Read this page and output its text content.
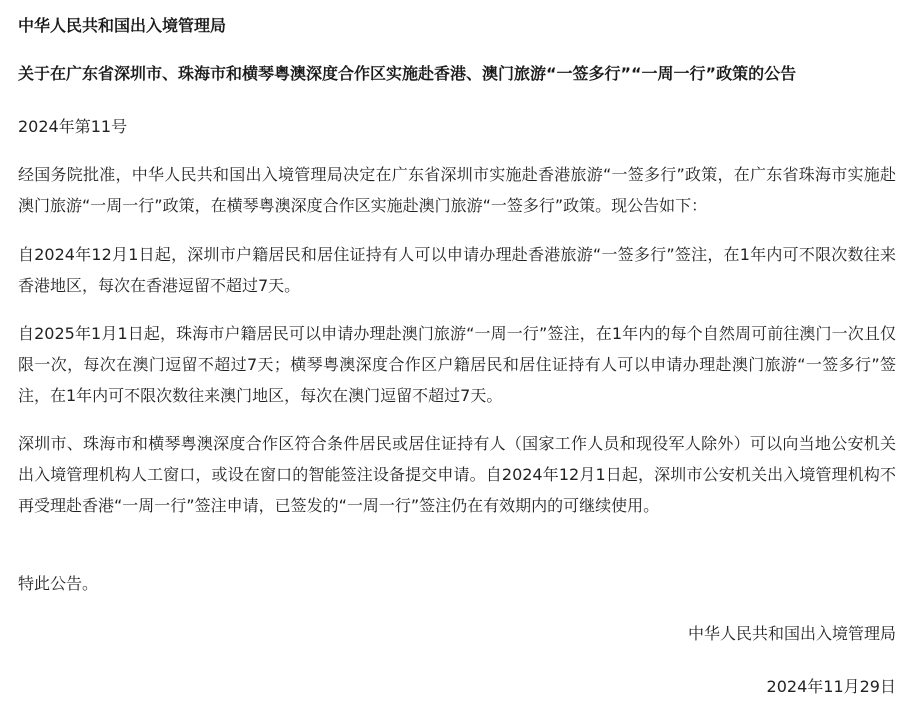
中华人民共和国出入境管理局

关于在广东省深圳市、珠海市和横琴粤澳深度合作区实施赴香港、澳门旅游“一签多行”“一周一行”政策的公告

2024年第11号

经国务院批准，中华人民共和国出入境管理局决定在广东省深圳市实施赴香港旅游“一签多行”政策，在广东省珠海市实施赴澳门旅游“一周一行”政策，在横琴粤澳深度合作区实施赴澳门旅游“一签多行”政策。现公告如下：

自2024年12月1日起，深圳市户籍居民和居住证持有人可以申请办理赴香港旅游“一签多行”签注，在1年内可不限次数往来香港地区，每次在香港逗留不超过7天。

自2025年1月1日起，珠海市户籍居民可以申请办理赴澳门旅游“一周一行”签注，在1年内的每个自然周可前往澳门一次且仅限一次，每次在澳门逗留不超过7天；横琴粤澳深度合作区户籍居民和居住证持有人可以申请办理赴澳门旅游“一签多行”签注，在1年内可不限次数往来澳门地区，每次在澳门逗留不超过7天。

深圳市、珠海市和横琴粤澳深度合作区符合条件居民或居住证持有人（国家工作人员和现役军人除外）可以向当地公安机关出入境管理机构人工窗口，或设在窗口的智能签注设备提交申请。自2024年12月1日起，深圳市公安机关出入境管理机构不再受理赴香港“一周一行”签注申请，已签发的“一周一行”签注仍在有效期内的可继续使用。

特此公告。

中华人民共和国出入境管理局

2024年11月29日
